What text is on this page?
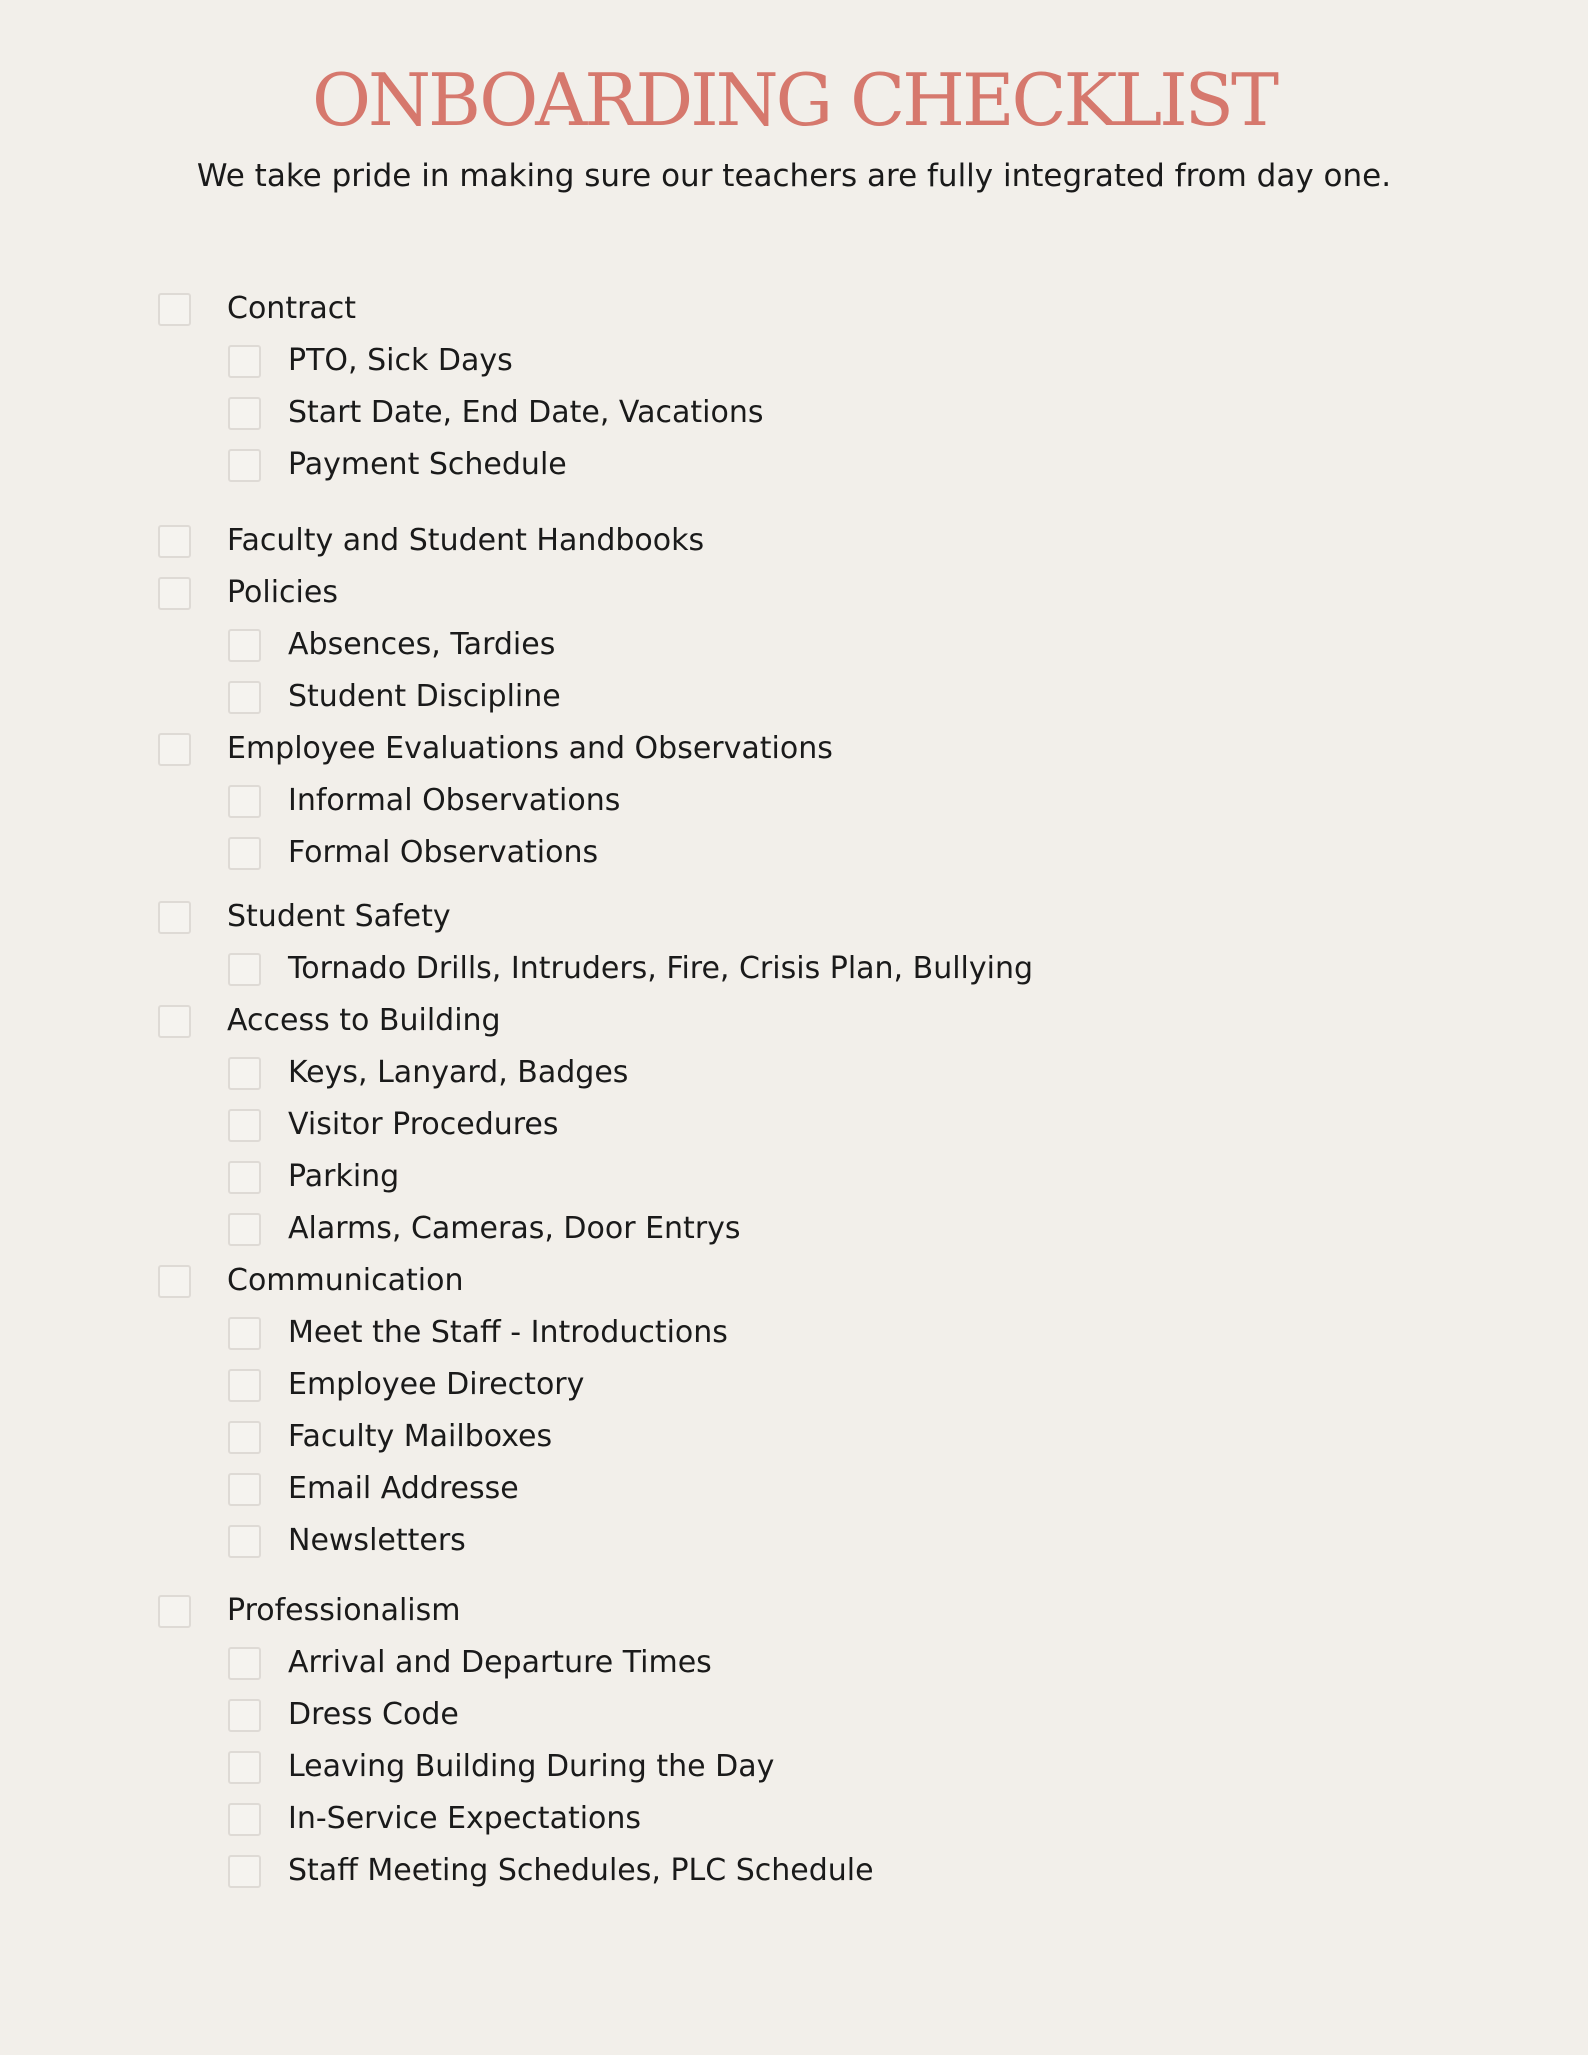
ONBOARDING CHECKLIST

We take pride in making sure our teachers are fully integrated from day one.

Contract
PTO, Sick Days
Start Date, End Date, Vacations
Payment Schedule
Faculty and Student Handbooks
Policies
Absences, Tardies
Student Discipline
Employee Evaluations and Observations
Informal Observations
Formal Observations
Student Safety
Tornado Drills, Intruders, Fire, Crisis Plan, Bullying
Access to Building
Keys, Lanyard, Badges
Visitor Procedures
Parking
Alarms, Cameras, Door Entrys
Communication
Meet the Staff - Introductions
Employee Directory
Faculty Mailboxes
Email Addresse
Newsletters
Professionalism
Arrival and Departure Times
Dress Code
Leaving Building During the Day
In-Service Expectations
Staff Meeting Schedules, PLC Schedule
